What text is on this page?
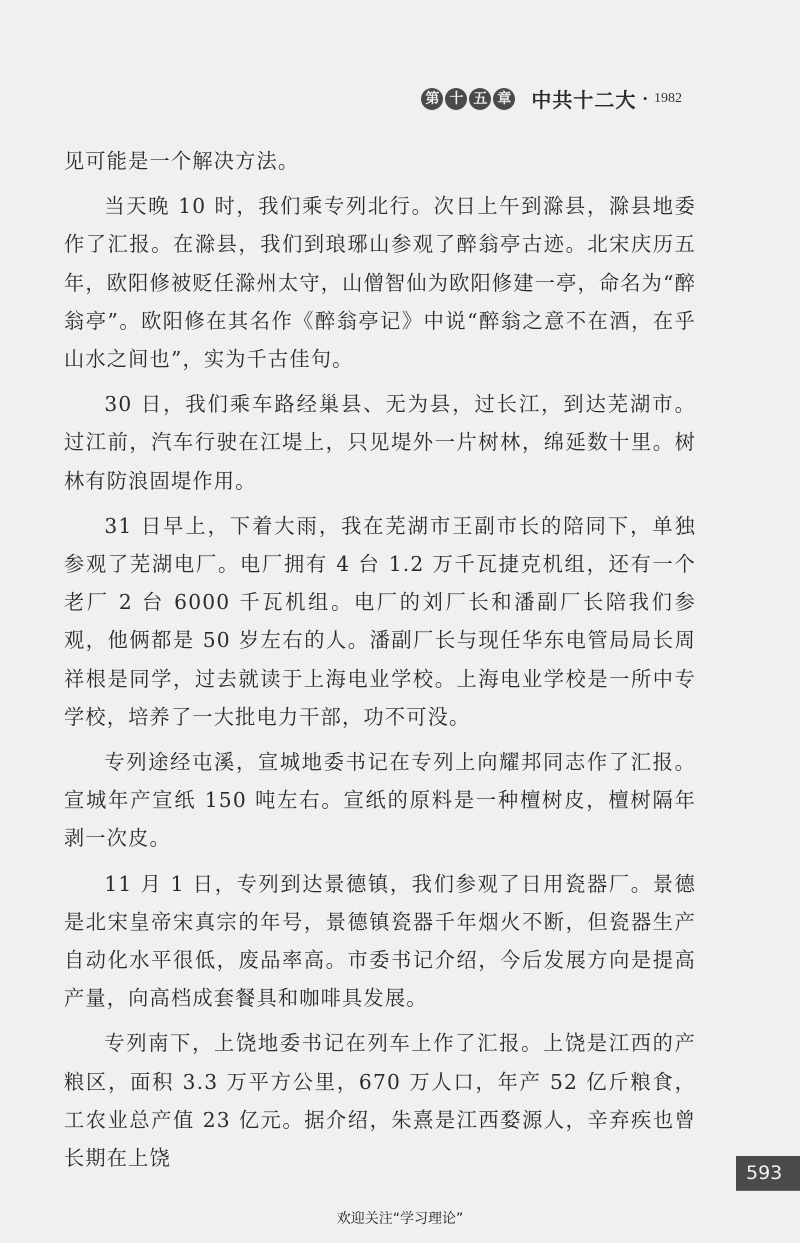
第 十 五 章 中共十二大 · 1982

见可能是一个解决方法。

当天晚 10 时，我们乘专列北行。次日上午到滁县，滁县地委作了汇报。在滁县，我们到琅琊山参观了醉翁亭古迹。北宋庆历五年，欧阳修被贬任滁州太守，山僧智仙为欧阳修建一亭，命名为“醉翁亭”。欧阳修在其名作《醉翁亭记》中说“醉翁之意不在酒，在乎山水之间也”，实为千古佳句。

30 日，我们乘车路经巢县、无为县，过长江，到达芜湖市。过江前，汽车行驶在江堤上，只见堤外一片树林，绵延数十里。树林有防浪固堤作用。

31 日早上，下着大雨，我在芜湖市王副市长的陪同下，单独参观了芜湖电厂。电厂拥有 4 台 1.2 万千瓦捷克机组，还有一个老厂 2 台 6000 千瓦机组。电厂的刘厂长和潘副厂长陪我们参观，他俩都是 50 岁左右的人。潘副厂长与现任华东电管局局长周祥根是同学，过去就读于上海电业学校。上海电业学校是一所中专学校，培养了一大批电力干部，功不可没。

专列途经屯溪，宣城地委书记在专列上向耀邦同志作了汇报。宣城年产宣纸 150 吨左右。宣纸的原料是一种檀树皮，檀树隔年剥一次皮。

11 月 1 日，专列到达景德镇，我们参观了日用瓷器厂。景德是北宋皇帝宋真宗的年号，景德镇瓷器千年烟火不断，但瓷器生产自动化水平很低，废品率高。市委书记介绍，今后发展方向是提高产量，向高档成套餐具和咖啡具发展。

专列南下，上饶地委书记在列车上作了汇报。上饶是江西的产粮区，面积 3.3 万平方公里，670 万人口，年产 52 亿斤粮食，工农业总产值 23 亿元。据介绍，朱熹是江西婺源人，辛弃疾也曾长期在上饶

593
欢迎关注“学习理论”
